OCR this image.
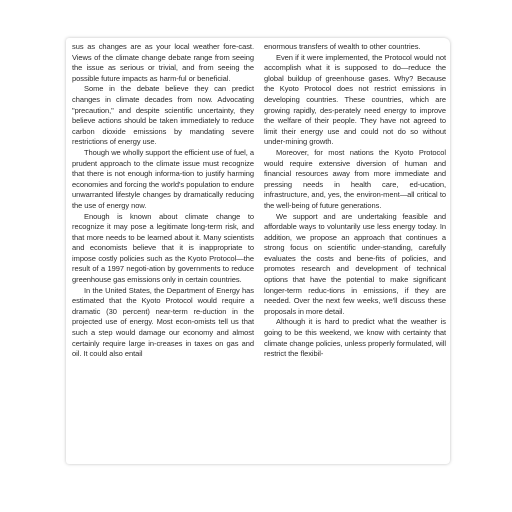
sus as changes are as your local weather fore-cast. Views of the climate change debate range from seeing the issue as serious or trivial, and from seeing the possible future impacts as harm-ful or beneficial.

Some in the debate believe they can predict changes in climate decades from now. Advocating "precaution," and despite scientific uncertainty, they believe actions should be taken immediately to reduce carbon dioxide emissions by mandating severe restrictions of energy use.

Though we wholly support the efficient use of fuel, a prudent approach to the climate issue must recognize that there is not enough informa-tion to justify harming economies and forcing the world's population to endure unwarranted lifestyle changes by dramatically reducing the use of energy now.

Enough is known about climate change to recognize it may pose a legitimate long-term risk, and that more needs to be learned about it. Many scientists and economists believe that it is inappropriate to impose costly policies such as the Kyoto Protocol—the result of a 1997 negoti-ation by governments to reduce greenhouse gas emissions only in certain countries.

In the United States, the Department of Energy has estimated that the Kyoto Protocol would require a dramatic (30 percent) near-term re-duction in the projected use of energy. Most econ-omists tell us that such a step would damage our economy and almost certainly require large in-creases in taxes on gas and oil. It could also entail

enormous transfers of wealth to other countries.

Even if it were implemented, the Protocol would not accomplish what it is supposed to do—reduce the global buildup of greenhouse gases. Why? Because the Kyoto Protocol does not restrict emissions in developing countries. These countries, which are growing rapidly, des-perately need energy to improve the welfare of their people. They have not agreed to limit their energy use and could not do so without under-mining growth.

Moreover, for most nations the Kyoto Protocol would require extensive diversion of human and financial resources away from more immediate and pressing needs in health care, ed-ucation, infrastructure, and, yes, the environ-ment—all critical to the well-being of future generations.

We support and are undertaking feasible and affordable ways to voluntarily use less energy today. In addition, we propose an approach that continues a strong focus on scientific under-standing, carefully evaluates the costs and bene-fits of policies, and promotes research and development of technical options that have the potential to make significant longer-term reduc-tions in emissions, if they are needed. Over the next few weeks, we'll discuss these proposals in more detail.

Although it is hard to predict what the weather is going to be this weekend, we know with certainty that climate change policies, unless properly formulated, will restrict the flexibil-
